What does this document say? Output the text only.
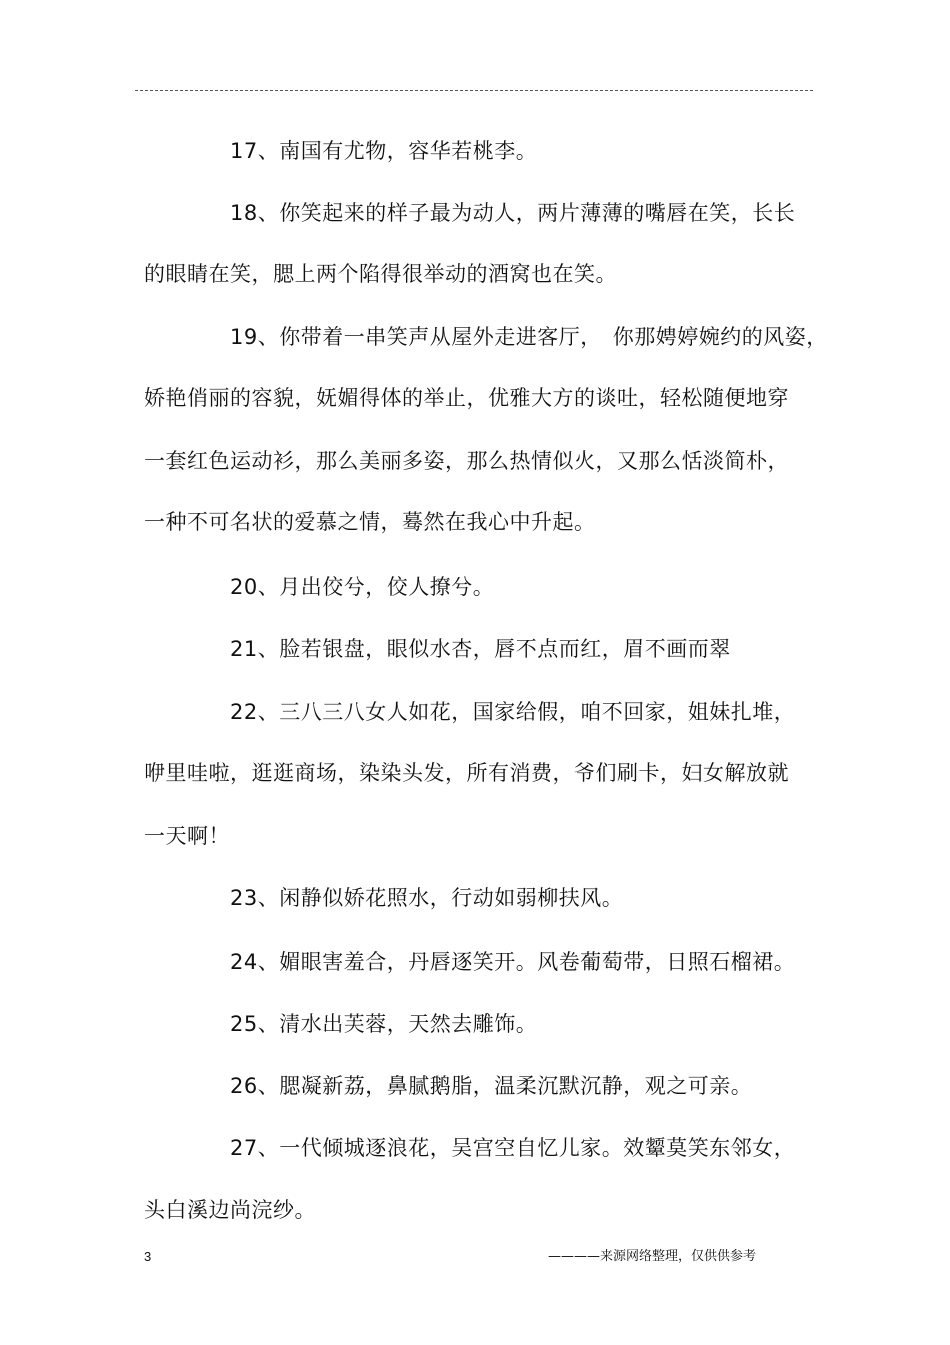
17、南国有尤物，容华若桃李。
18、你笑起来的样子最为动人，两片薄薄的嘴唇在笑，长长
的眼睛在笑，腮上两个陷得很举动的酒窝也在笑。
19、你带着一串笑声从屋外走进客厅，　你那娉婷婉约的风姿，
娇艳俏丽的容貌，妩媚得体的举止，优雅大方的谈吐，轻松随便地穿
一套红色运动衫，那么美丽多姿，那么热情似火，又那么恬淡简朴，
一种不可名状的爱慕之情，蓦然在我心中升起。
20、月出佼兮，佼人撩兮。
21、脸若银盘，眼似水杏，唇不点而红，眉不画而翠
22、三八三八女人如花，国家给假，咱不回家，姐妹扎堆，
咿里哇啦，逛逛商场，染染头发，所有消费，爷们刷卡，妇女解放就
一天啊！
23、闲静似娇花照水，行动如弱柳扶风。
24、媚眼害羞合，丹唇逐笑开。风卷葡萄带，日照石榴裙。
25、清水出芙蓉，天然去雕饰。
26、腮凝新荔，鼻腻鹅脂，温柔沉默沉静，观之可亲。
27、一代倾城逐浪花，吴宫空自忆儿家。效颦莫笑东邻女，
头白溪边尚浣纱。
3	————来源网络整理，仅供供参考
